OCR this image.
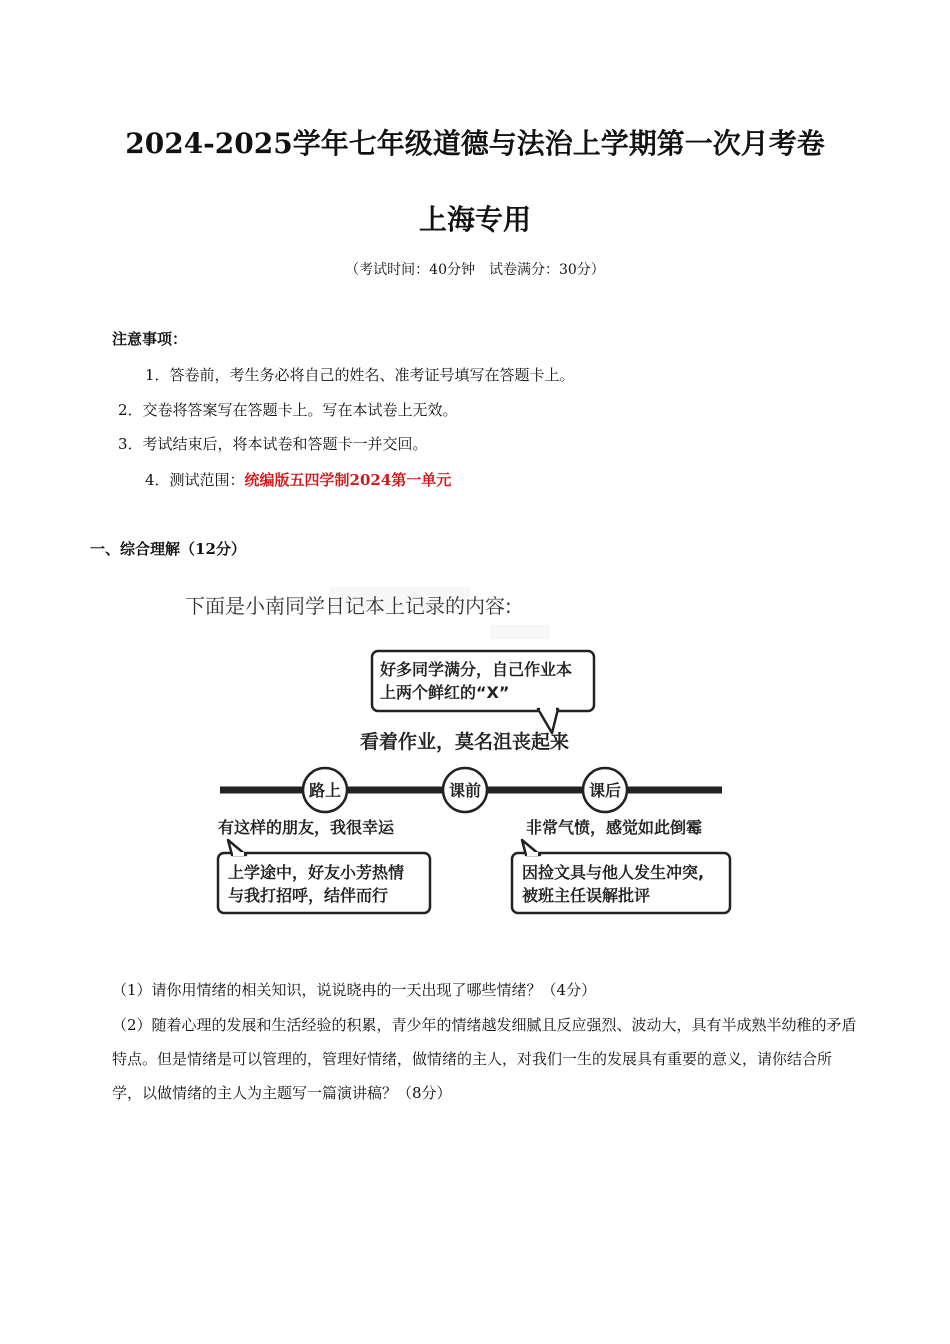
2024-2025学年七年级道德与法治上学期第一次月考卷
上海专用
（考试时间：40分钟　试卷满分：30分）
注意事项：
1．答卷前，考生务必将自己的姓名、准考证号填写在答题卡上。
2．交卷将答案写在答题卡上。写在本试卷上无效。
3．考试结束后，将本试卷和答题卡一并交回。
4．测试范围：统编版五四学制2024第一单元
一、综合理解（12分）
下面是小南同学日记本上记录的内容:
好多同学满分，自己作业本
上两个鲜红的“X”
看着作业，莫名沮丧起来
路上	课前	课后
有这样的朋友，我很幸运	非常气愤，感觉如此倒霉
上学途中，好友小芳热情
与我打招呼，结伴而行
因捡文具与他人发生冲突,
被班主任误解批评
（1）请你用情绪的相关知识，说说晓冉的一天出现了哪些情绪？（4分）
（2）随着心理的发展和生活经验的积累，青少年的情绪越发细腻且反应强烈、波动大，具有半成熟半幼稚的矛盾特点。但是情绪是可以管理的，管理好情绪，做情绪的主人，对我们一生的发展具有重要的意义，请你结合所学，以做情绪的主人为主题写一篇演讲稿？（8分）
